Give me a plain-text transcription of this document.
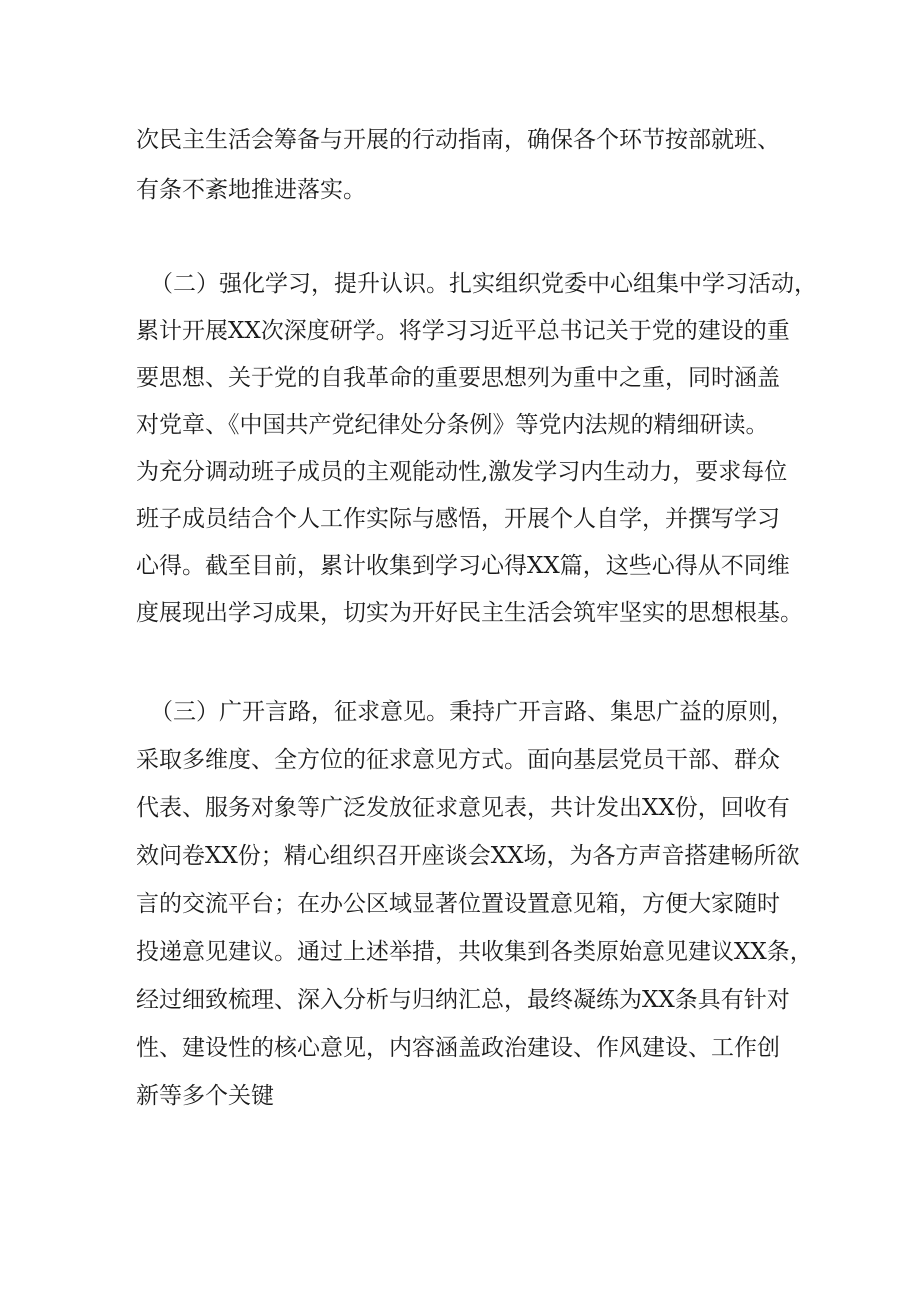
次民主生活会筹备与开展的行动指南，确保各个环节按部就班、

有条不紊地推进落实。

（二）强化学习，提升认识。扎实组织党委中心组集中学习活动，

累计开展XX次深度研学。将学习习近平总书记关于党的建设的重

要思想、关于党的自我革命的重要思想列为重中之重，同时涵盖

对党章、《中国共产党纪律处分条例》等党内法规的精细研读。

为充分调动班子成员的主观能动性,激发学习内生动力，要求每位

班子成员结合个人工作实际与感悟，开展个人自学，并撰写学习

心得。截至目前，累计收集到学习心得XX篇，这些心得从不同维

度展现出学习成果，切实为开好民主生活会筑牢坚实的思想根基。

（三）广开言路，征求意见。秉持广开言路、集思广益的原则，

采取多维度、全方位的征求意见方式。面向基层党员干部、群众

代表、服务对象等广泛发放征求意见表，共计发出XX份，回收有

效问卷XX份；精心组织召开座谈会XX场，为各方声音搭建畅所欲

言的交流平台；在办公区域显著位置设置意见箱，方便大家随时

投递意见建议。通过上述举措，共收集到各类原始意见建议XX条，

经过细致梳理、深入分析与归纳汇总，最终凝练为XX条具有针对

性、建设性的核心意见，内容涵盖政治建设、作风建设、工作创

新等多个关键
